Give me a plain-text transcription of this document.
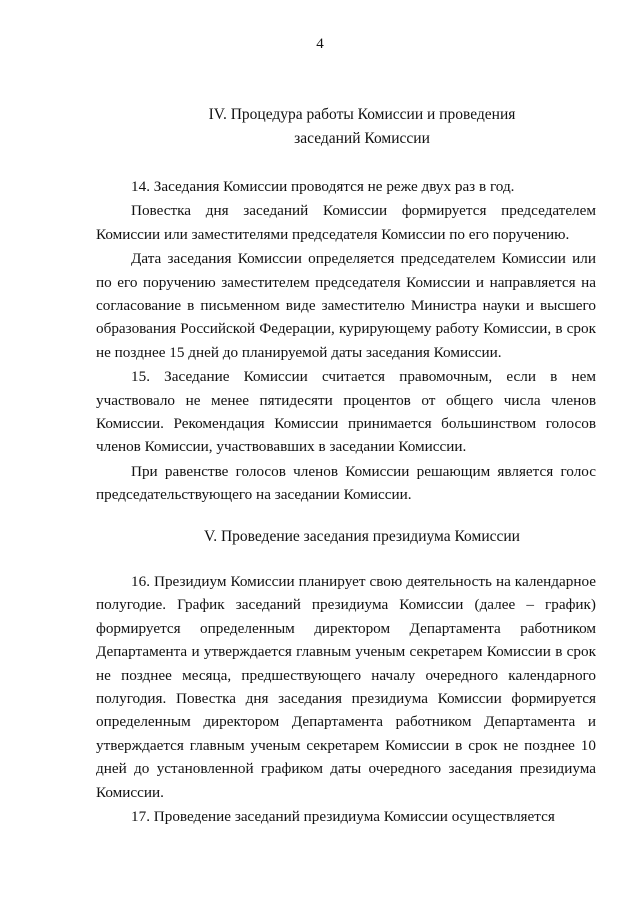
4
IV. Процедура работы Комиссии и проведения
заседаний Комиссии

14. Заседания Комиссии проводятся не реже двух раз в год.

Повестка дня заседаний Комиссии формируется председателем Комиссии или заместителями председателя Комиссии по его поручению.

Дата заседания Комиссии определяется председателем Комиссии или по его поручению заместителем председателя Комиссии и направляется на согласование в письменном виде заместителю Министра науки и высшего образования Российской Федерации, курирующему работу Комиссии, в срок не позднее 15 дней до планируемой даты заседания Комиссии.

15. Заседание Комиссии считается правомочным, если в нем участвовало не менее пятидесяти процентов от общего числа членов Комиссии. Рекомендация Комиссии принимается большинством голосов членов Комиссии, участвовавших в заседании Комиссии.

При равенстве голосов членов Комиссии решающим является голос председательствующего на заседании Комиссии.

V. Проведение заседания президиума Комиссии

16. Президиум Комиссии планирует свою деятельность на календарное полугодие. График заседаний президиума Комиссии (далее – график) формируется определенным директором Департамента работником Департамента и утверждается главным ученым секретарем Комиссии в срок не позднее месяца, предшествующего началу очередного календарного полугодия. Повестка дня заседания президиума Комиссии формируется определенным директором Департамента работником Департамента и утверждается главным ученым секретарем Комиссии в срок не позднее 10 дней до установленной графиком даты очередного заседания президиума Комиссии.

17. Проведение заседаний президиума Комиссии осуществляется
